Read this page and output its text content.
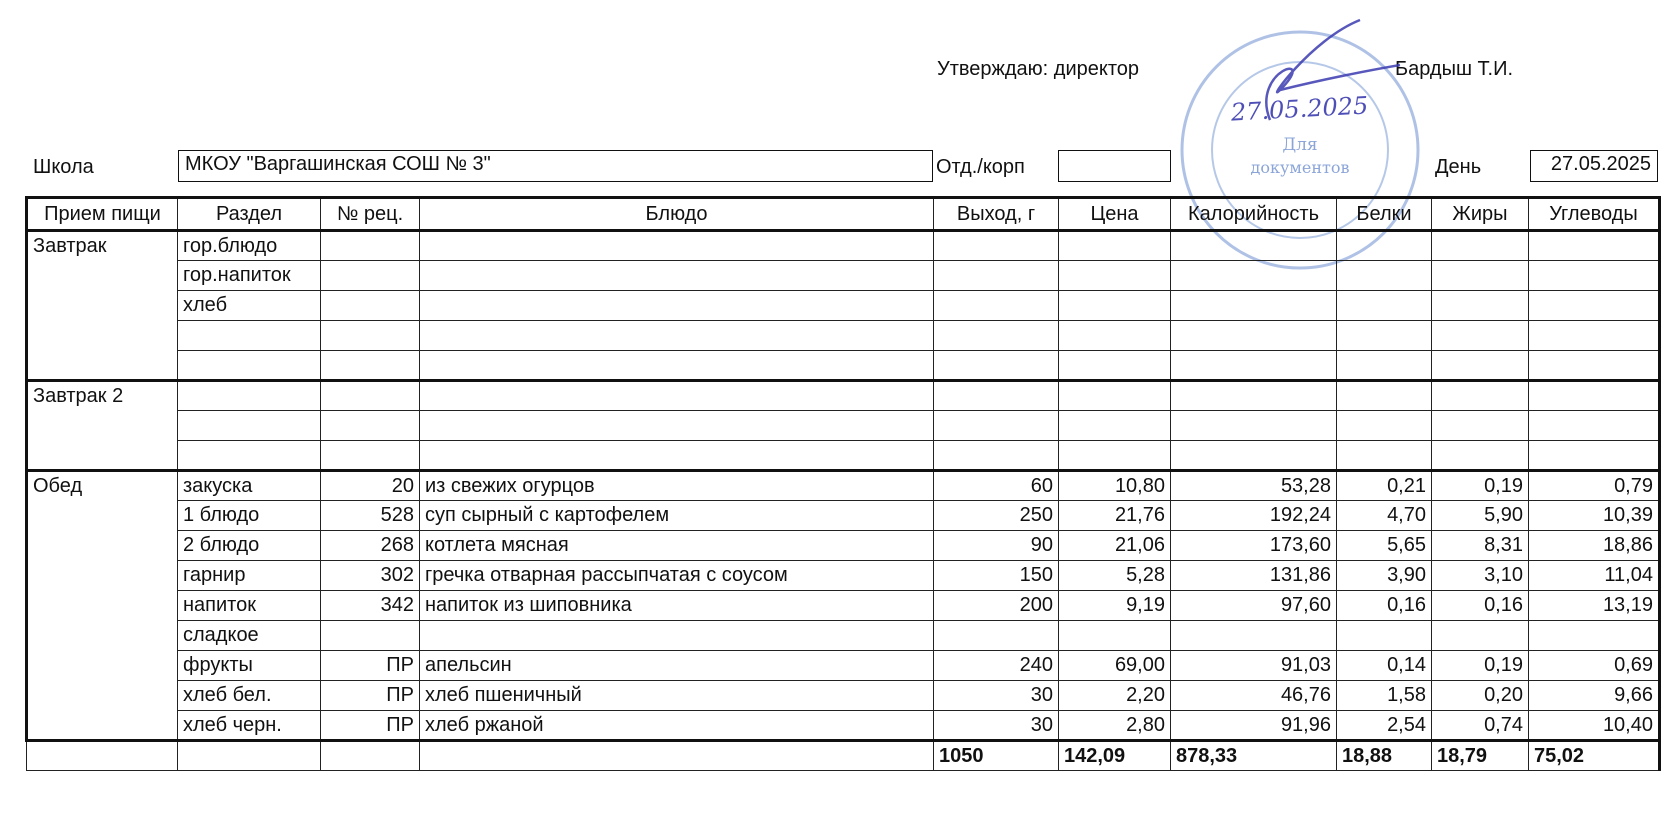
Утверждаю: директор	Бардыш Т.И.
Школа	МКОУ "Варгашинская СОШ № 3"	Отд./корп	День	27.05.2025
Для
документов
27.05.2025
Прием пищи	Раздел	№ рец.	Блюдо	Выход, г	Цена	Калорийность	Белки	Жиры	Углеводы
Завтрак	гор.блюдо								
	гор.напиток								
	хлеб								

Завтрак 2									

Обед	закуска	20	из свежих огурцов	60	10,80	53,28	0,21	0,19	0,79
	1 блюдо	528	суп сырный с картофелем	250	21,76	192,24	4,70	5,90	10,39
	2 блюдо	268	котлета мясная	90	21,06	173,60	5,65	8,31	18,86
	гарнир	302	гречка отварная рассыпчатая с соусом	150	5,28	131,86	3,90	3,10	11,04
	напиток	342	напиток из шиповника	200	9,19	97,60	0,16	0,16	13,19
	сладкое								
	фрукты	ПР	апельсин	240	69,00	91,03	0,14	0,19	0,69
	хлеб бел.	ПР	хлеб пшеничный	30	2,20	46,76	1,58	0,20	9,66
	хлеб черн.	ПР	хлеб ржаной	30	2,80	91,96	2,54	0,74	10,40
				1050	142,09	878,33	18,88	18,79	75,02
